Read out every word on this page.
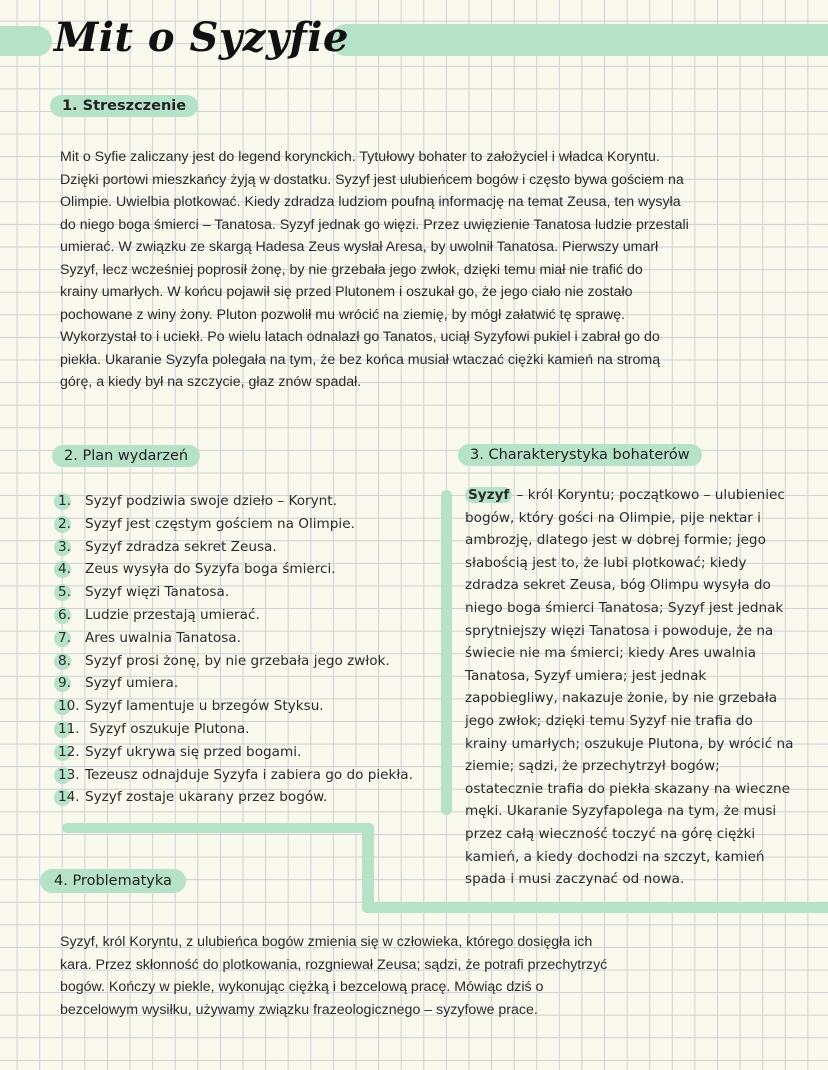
Mit o Syzyfie
1. Streszczenie
Mit o Syfie zaliczany jest do legend korynckich. Tytułowy bohater to założyciel i władca Koryntu.
Dzięki portowi mieszkańcy żyją w dostatku. Syzyf jest ulubieńcem bogów i często bywa gościem na
Olimpie. Uwielbia plotkować. Kiedy zdradza ludziom poufną informację na temat Zeusa, ten wysyła
do niego boga śmierci – Tanatosa. Syzyf jednak go więzi. Przez uwięzienie Tanatosa ludzie przestali
umierać. W związku ze skargą Hadesa Zeus wysłał Aresa, by uwolnił Tanatosa. Pierwszy umarł
Syzyf, lecz wcześniej poprosił żonę, by nie grzebała jego zwłok, dzięki temu miał nie trafić do
krainy umarłych. W końcu pojawił się przed Plutonem i oszukał go, że jego ciało nie zostało
pochowane z winy żony. Pluton pozwolił mu wrócić na ziemię, by mógł załatwić tę sprawę.
Wykorzystał to i uciekł. Po wielu latach odnalazł go Tanatos, uciął Syzyfowi pukiel i zabrał go do
piekła. Ukaranie Syzyfa polegała na tym, że bez końca musiał wtaczać ciężki kamień na stromą
górę, a kiedy był na szczycie, głaz znów spadał.
2. Plan wydarzeń
1. Syzyf podziwia swoje dzieło – Korynt.
2. Syzyf jest częstym gościem na Olimpie.
3. Syzyf zdradza sekret Zeusa.
4. Zeus wysyła do Syzyfa boga śmierci.
5. Syzyf więzi Tanatosa.
6. Ludzie przestają umierać.
7. Ares uwalnia Tanatosa.
8. Syzyf prosi żonę, by nie grzebała jego zwłok.
9. Syzyf umiera.
10. Syzyf lamentuje u brzegów Styksu.
11. Syzyf oszukuje Plutona.
12. Syzyf ukrywa się przed bogami.
13. Tezeusz odnajduje Syzyfa i zabiera go do piekła.
14. Syzyf zostaje ukarany przez bogów.
3. Charakterystyka bohaterów
Syzyf – król Koryntu; początkowo – ulubieniec
bogów, który gości na Olimpie, pije nektar i
ambrozję, dlatego jest w dobrej formie; jego
słabością jest to, że lubi plotkować; kiedy
zdradza sekret Zeusa, bóg Olimpu wysyła do
niego boga śmierci Tanatosa; Syzyf jest jednak
sprytniejszy więzi Tanatosa i powoduje, że na
świecie nie ma śmierci; kiedy Ares uwalnia
Tanatosa, Syzyf umiera; jest jednak
zapobiegliwy, nakazuje żonie, by nie grzebała
jego zwłok; dzięki temu Syzyf nie trafia do
krainy umarłych; oszukuje Plutona, by wrócić na
ziemie; sądzi, że przechytrzył bogów;
ostatecznie trafia do piekła skazany na wieczne
męki. Ukaranie Syzyfapolega na tym, że musi
przez całą wieczność toczyć na górę ciężki
kamień, a kiedy dochodzi na szczyt, kamień
spada i musi zaczynać od nowa.
4. Problematyka
Syzyf, król Koryntu, z ulubieńca bogów zmienia się w człowieka, którego dosięgła ich
kara. Przez skłonność do plotkowania, rozgniewał Zeusa; sądzi, że potrafi przechytrzyć
bogów. Kończy w piekle, wykonując ciężką i bezcelową pracę. Mówiąc dziś o
bezcelowym wysiłku, używamy związku frazeologicznego – syzyfowe prace.
